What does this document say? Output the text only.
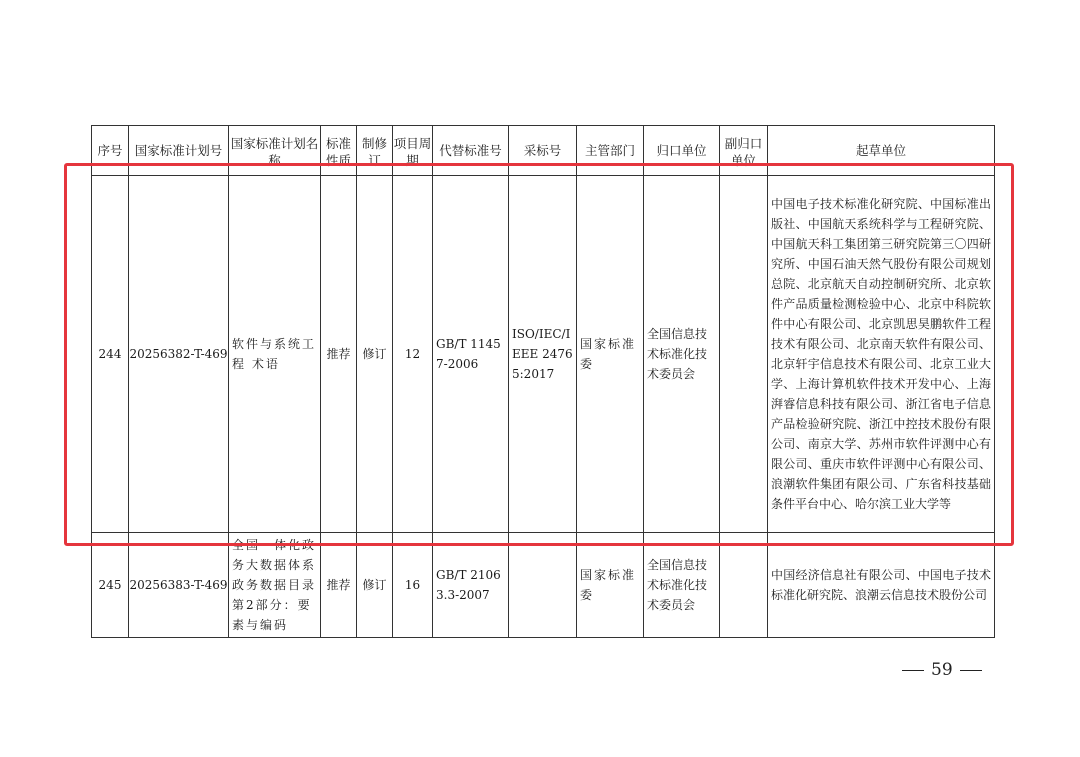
序号	国家标准计划号	国家标准计划名称	标准性质	制修订	项目周期	代替标准号	采标号	主管部门	归口单位	副归口单位	起草单位
244	20256382-T-469	软件与系统工程 术语	推荐	修订	12	GB/T 11457-2006	ISO/IEC/IEEE 24765:2017	国家标准委	全国信息技术标准化技术委员会		中国电子技术标准化研究院、中国标准出版社、中国航天系统科学与工程研究院、中国航天科工集团第三研究院第三〇四研究所、中国石油天然气股份有限公司规划总院、北京航天自动控制研究所、北京软件产品质量检测检验中心、北京中科院软件中心有限公司、北京凯思昊鹏软件工程技术有限公司、北京南天软件有限公司、北京轩宇信息技术有限公司、北京工业大学、上海计算机软件技术开发中心、上海湃睿信息科技有限公司、浙江省电子信息产品检验研究院、浙江中控技术股份有限公司、南京大学、苏州市软件评测中心有限公司、重庆市软件评测中心有限公司、浪潮软件集团有限公司、广东省科技基础条件平台中心、哈尔滨工业大学等
245	20256383-T-469	全国一体化政务大数据体系 政务数据目录 第2部分：要素与编码	推荐	修订	16	GB/T 21063.3-2007		国家标准委	全国信息技术标准化技术委员会		中国经济信息社有限公司、中国电子技术标准化研究院、浪潮云信息技术股份公司
59
